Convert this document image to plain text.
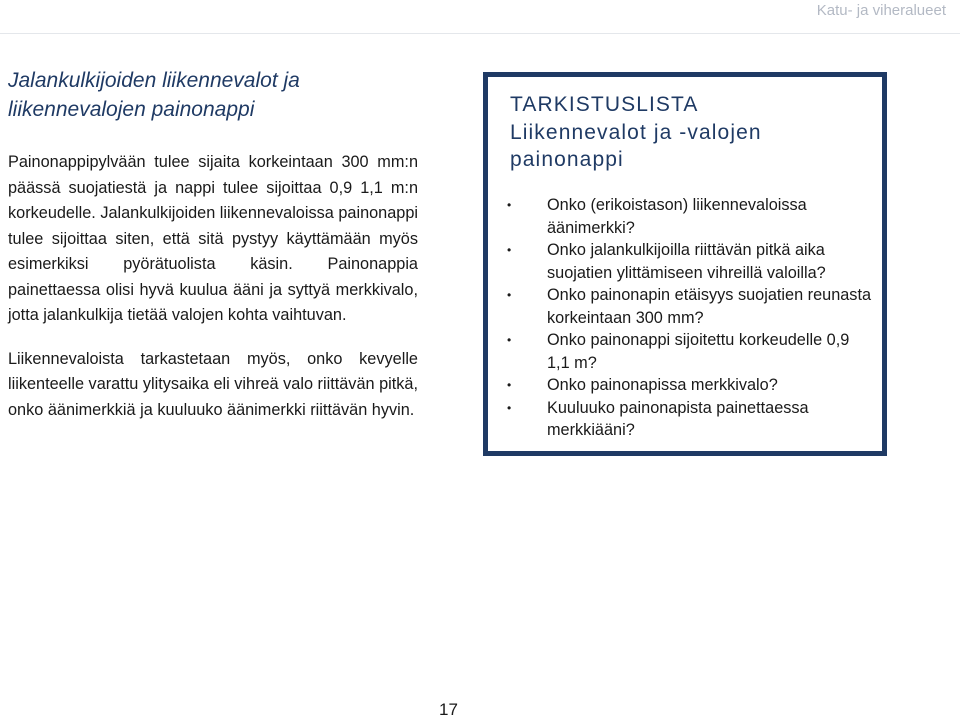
Katu- ja viheralueet
Jalankulkijoiden liikennevalot ja
liikennevalojen painonappi

Painonappipylvään tulee sijaita korkeintaan 300 mm:n päässä suojatiestä ja nappi tulee sijoittaa 0,9 1,1 m:n korkeudelle. Jalankulkijoiden liikennevaloissa painonappi tulee sijoittaa siten, että sitä pystyy käyttämään myös esimerkiksi pyörätuolista käsin. Painonappia painettaessa olisi hyvä kuulua ääni ja syttyä merkkivalo, jotta jalankulkija tietää valojen kohta vaihtuvan.

Liikennevaloista tarkastetaan myös, onko kevyelle liikenteelle varattu ylitysaika eli vihreä valo riittävän pitkä, onko äänimerkkiä ja kuuluuko äänimerkki riittävän hyvin.

TARKISTUSLISTA
Liikennevalot ja -valojen
painonappi
• Onko (erikoistason) liikennevaloissa äänimerkki?
• Onko jalankulkijoilla riittävän pitkä aika suojatien ylittämiseen vihreillä valoilla?
• Onko painonapin etäisyys suojatien reunasta korkeintaan 300 mm?
• Onko painonappi sijoitettu korkeudelle 0,9 1,1 m?
• Onko painonapissa merkkivalo?
• Kuuluuko painonapista painettaessa merkkiääni?
17
